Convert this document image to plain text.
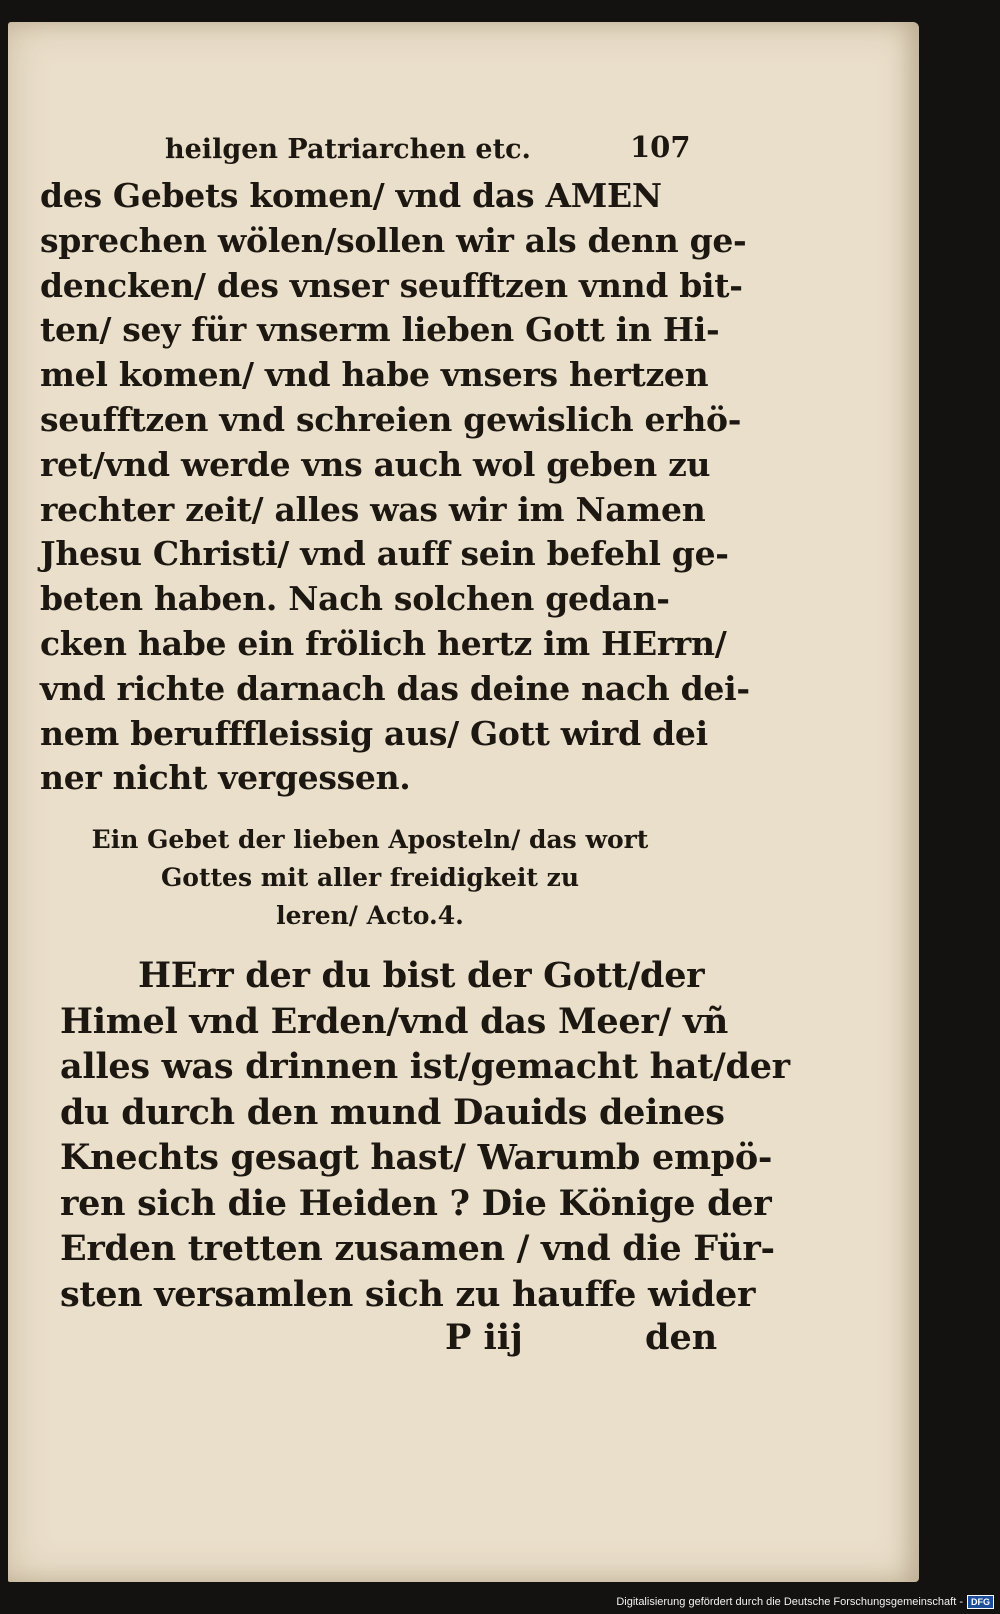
heilgen Patriarchen etc.	107
des Gebets komen/ vnd das AMEN
sprechen wölen/sollen wir als denn ge-
dencken/ des vnser seufftzen vnnd bit-
ten/ sey für vnserm lieben Gott in Hi-
mel komen/ vnd habe vnsers hertzen
seufftzen vnd schreien gewislich erhö-
ret/vnd werde vns auch wol geben zu
rechter zeit/ alles was wir im Namen
Jhesu Christi/ vnd auff sein befehl ge-
beten haben. Nach solchen gedan-
cken habe ein frölich hertz im HErrn/
vnd richte darnach das deine nach dei-
nem berufffleissig aus/ Gott wird dei
ner nicht vergessen.
Ein Gebet der lieben Aposteln/ das wort
Gottes mit aller freidigkeit zu
leren/ Acto.4.
HErr der du bist der Gott/der
Himel vnd Erden/vnd das Meer/ vñ
alles was drinnen ist/gemacht hat/der
du durch den mund Dauids deines
Knechts gesagt hast/ Warumb empö-
ren sich die Heiden ? Die Könige der
Erden tretten zusamen / vnd die Für-
sten versamlen sich zu hauffe wider
P iij	den
Digitalisierung gefördert durch die Deutsche Forschungsgemeinschaft - DFG
